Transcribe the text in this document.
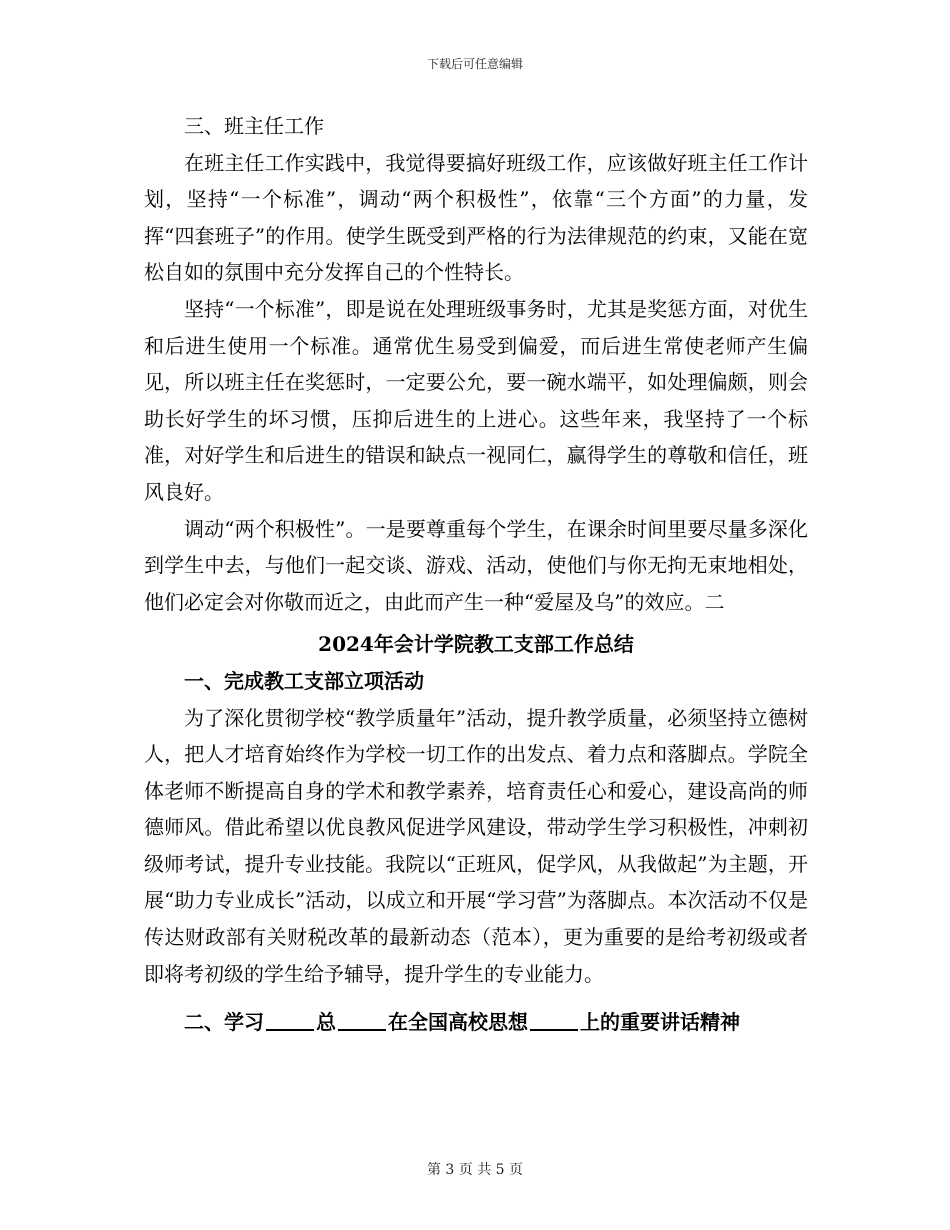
下载后可任意编辑

三、班主任工作

在班主任工作实践中，我觉得要搞好班级工作，应该做好班主任工作计划，坚持“一个标准”，调动“两个积极性”，依靠“三个方面”的力量，发挥“四套班子”的作用。使学生既受到严格的行为法律规范的约束，又能在宽松自如的氛围中充分发挥自己的个性特长。

坚持“一个标准”，即是说在处理班级事务时，尤其是奖惩方面，对优生和后进生使用一个标准。通常优生易受到偏爱，而后进生常使老师产生偏见，所以班主任在奖惩时，一定要公允，要一碗水端平，如处理偏颇，则会助长好学生的坏习惯，压抑后进生的上进心。这些年来，我坚持了一个标准，对好学生和后进生的错误和缺点一视同仁，赢得学生的尊敬和信任，班风良好。

调动“两个积极性”。一是要尊重每个学生，在课余时间里要尽量多深化到学生中去，与他们一起交谈、游戏、活动，使他们与你无拘无束地相处，他们必定会对你敬而近之，由此而产生一种“爱屋及乌”的效应。二

2024年会计学院教工支部工作总结

一、完成教工支部立项活动

为了深化贯彻学校“教学质量年”活动，提升教学质量，必须坚持立德树人，把人才培育始终作为学校一切工作的出发点、着力点和落脚点。学院全体老师不断提高自身的学术和教学素养，培育责任心和爱心，建设高尚的师德师风。借此希望以优良教风促进学风建设，带动学生学习积极性，冲刺初级师考试，提升专业技能。我院以“正班风，促学风，从我做起”为主题，开展“助力专业成长”活动，以成立和开展“学习营”为落脚点。本次活动不仅是传达财政部有关财税改革的最新动态（范本），更为重要的是给考初级或者即将考初级的学生给予辅导，提升学生的专业能力。

二、学习	总	在全国高校思想	上的重要讲话精神

第 3 页 共 5 页
